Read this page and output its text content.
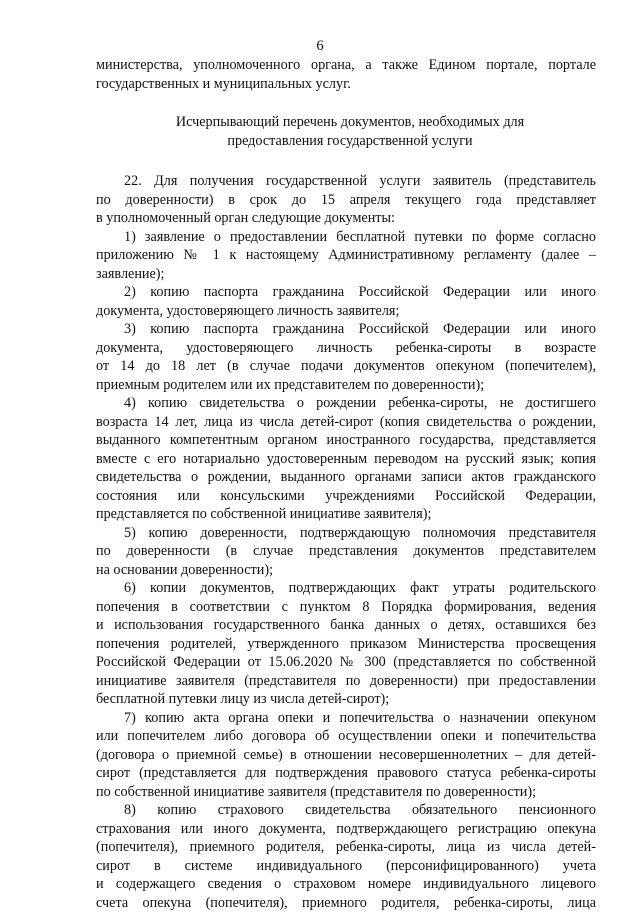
6

министерства, уполномоченного органа, а также Едином портале, портале

государственных и муниципальных услуг.

Исчерпывающий перечень документов, необходимых для

предоставления государственной услуги

22. Для получения государственной услуги заявитель (представитель

по доверенности) в срок до 15 апреля текущего года представляет

в уполномоченный орган следующие документы:

1) заявление о предоставлении бесплатной путевки по форме согласно

приложению № 1 к настоящему Административному регламенту (далее –

заявление);

2) копию паспорта гражданина Российской Федерации или иного

документа, удостоверяющего личность заявителя;

3) копию паспорта гражданина Российской Федерации или иного

документа, удостоверяющего личность ребенка-сироты в возрасте

от 14 до 18 лет (в случае подачи документов опекуном (попечителем),

приемным родителем или их представителем по доверенности);

4) копию свидетельства о рождении ребенка-сироты, не достигшего

возраста 14 лет, лица из числа детей-сирот (копия свидетельства о рождении,

выданного компетентным органом иностранного государства, представляется

вместе с его нотариально удостоверенным переводом на русский язык; копия

свидетельства о рождении, выданного органами записи актов гражданского

состояния или консульскими учреждениями Российской Федерации,

представляется по собственной инициативе заявителя);

5) копию доверенности, подтверждающую полномочия представителя

по доверенности (в случае представления документов представителем

на основании доверенности);

6) копии документов, подтверждающих факт утраты родительского

попечения в соответствии с пунктом 8 Порядка формирования, ведения

и использования государственного банка данных о детях, оставшихся без

попечения родителей, утвержденного приказом Министерства просвещения

Российской Федерации от 15.06.2020 № 300 (представляется по собственной

инициативе заявителя (представителя по доверенности) при предоставлении

бесплатной путевки лицу из числа детей-сирот);

7) копию акта органа опеки и попечительства о назначении опекуном

или попечителем либо договора об осуществлении опеки и попечительства

(договора о приемной семье) в отношении несовершеннолетних – для детей-

сирот (представляется для подтверждения правового статуса ребенка-сироты

по собственной инициативе заявителя (представителя по доверенности);

8) копию страхового свидетельства обязательного пенсионного

страхования или иного документа, подтверждающего регистрацию опекуна

(попечителя), приемного родителя, ребенка-сироты, лица из числа детей-

сирот в системе индивидуального (персонифицированного) учета

и содержащего сведения о страховом номере индивидуального лицевого

счета опекуна (попечителя), приемного родителя, ребенка-сироты, лица
